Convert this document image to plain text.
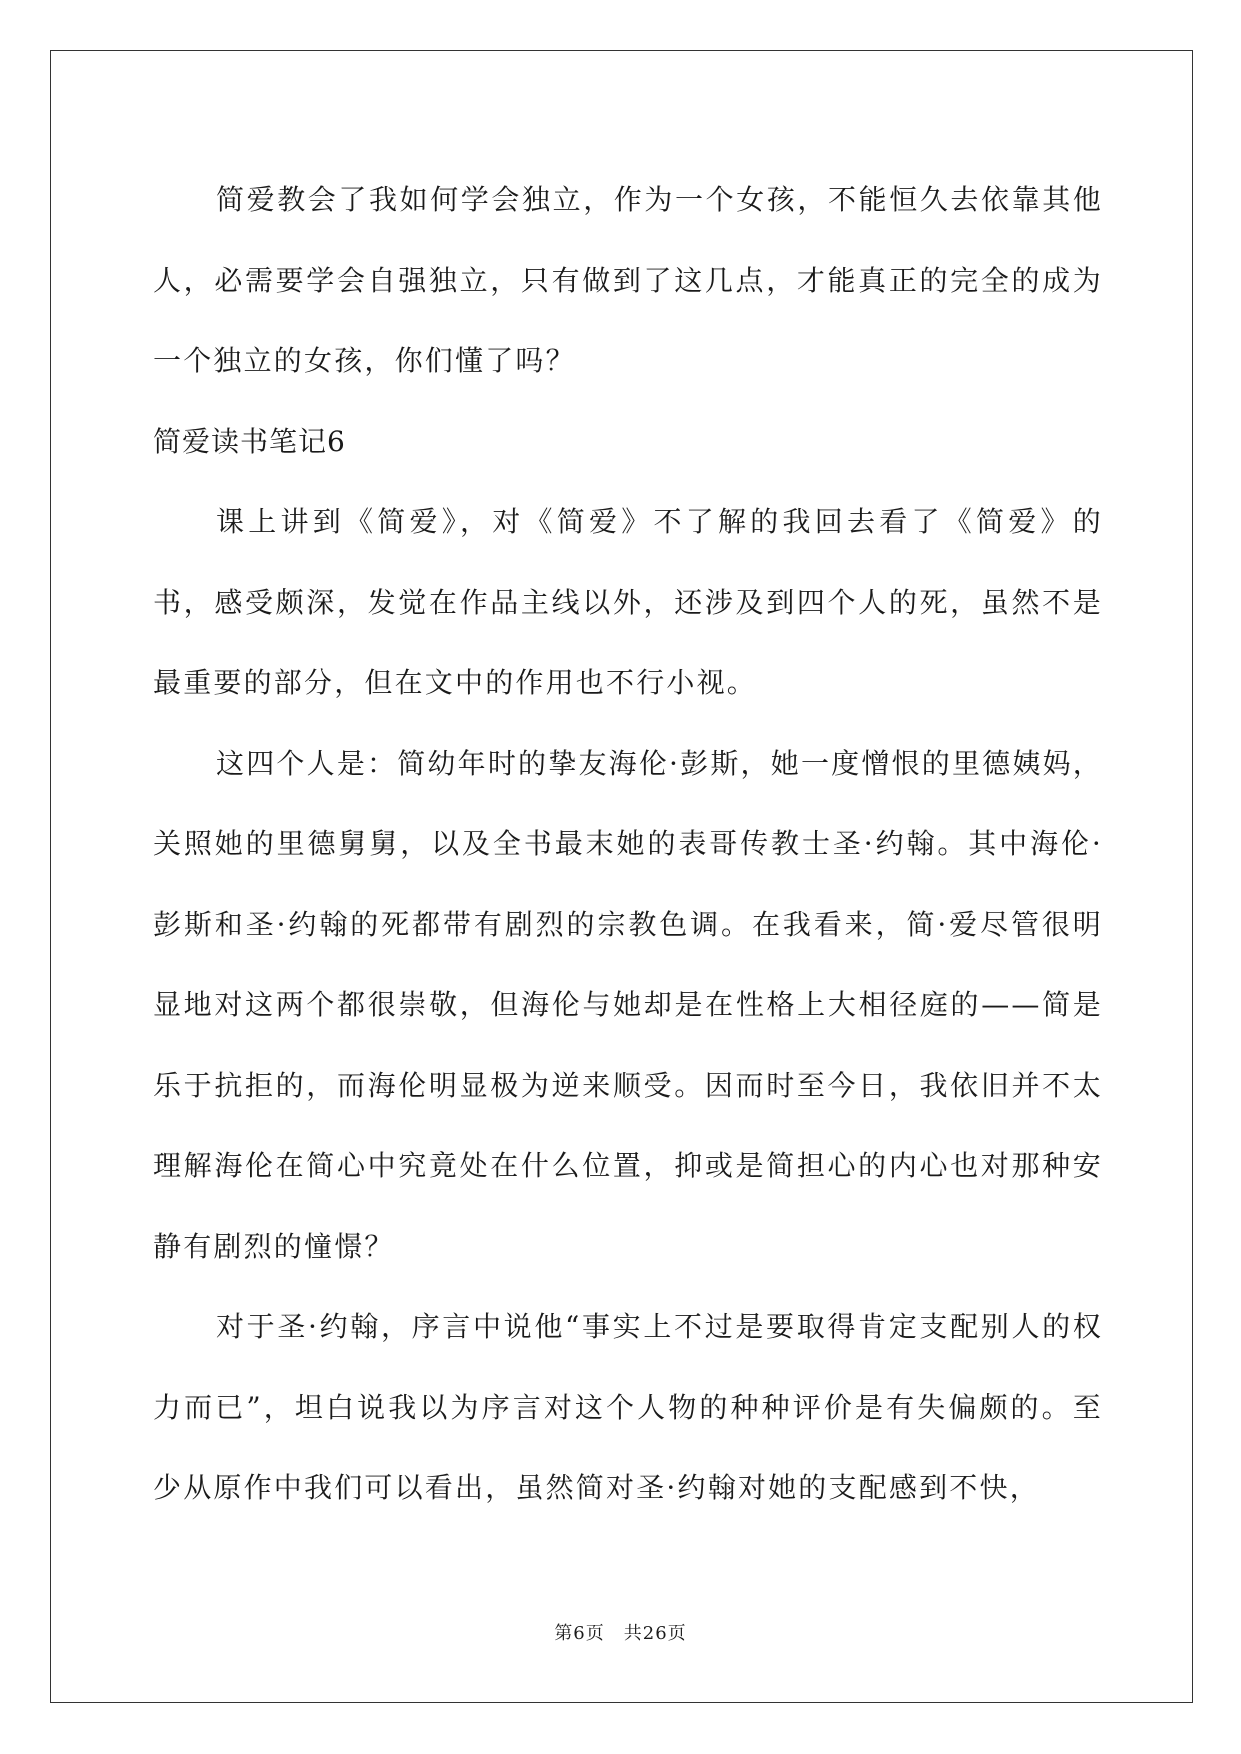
简爱教会了我如何学会独立，作为一个女孩，不能恒久去依靠其他人，必需要学会自强独立，只有做到了这几点，才能真正的完全的成为一个独立的女孩，你们懂了吗？

简爱读书笔记6

课上讲到《简爱》，对《简爱》不了解的我回去看了《简爱》的书，感受颇深，发觉在作品主线以外，还涉及到四个人的死，虽然不是最重要的部分，但在文中的作用也不行小视。

这四个人是：简幼年时的挚友海伦·彭斯，她一度憎恨的里德姨妈，关照她的里德舅舅，以及全书最末她的表哥传教士圣·约翰。其中海伦·彭斯和圣·约翰的死都带有剧烈的宗教色调。在我看来，简·爱尽管很明显地对这两个都很崇敬，但海伦与她却是在性格上大相径庭的——简是乐于抗拒的，而海伦明显极为逆来顺受。因而时至今日，我依旧并不太理解海伦在简心中究竟处在什么位置，抑或是简担心的内心也对那种安静有剧烈的憧憬？

对于圣·约翰，序言中说他“事实上不过是要取得肯定支配别人的权力而已”，坦白说我以为序言对这个人物的种种评价是有失偏颇的。至少从原作中我们可以看出，虽然简对圣·约翰对她的支配感到不快，

第6页　共26页
